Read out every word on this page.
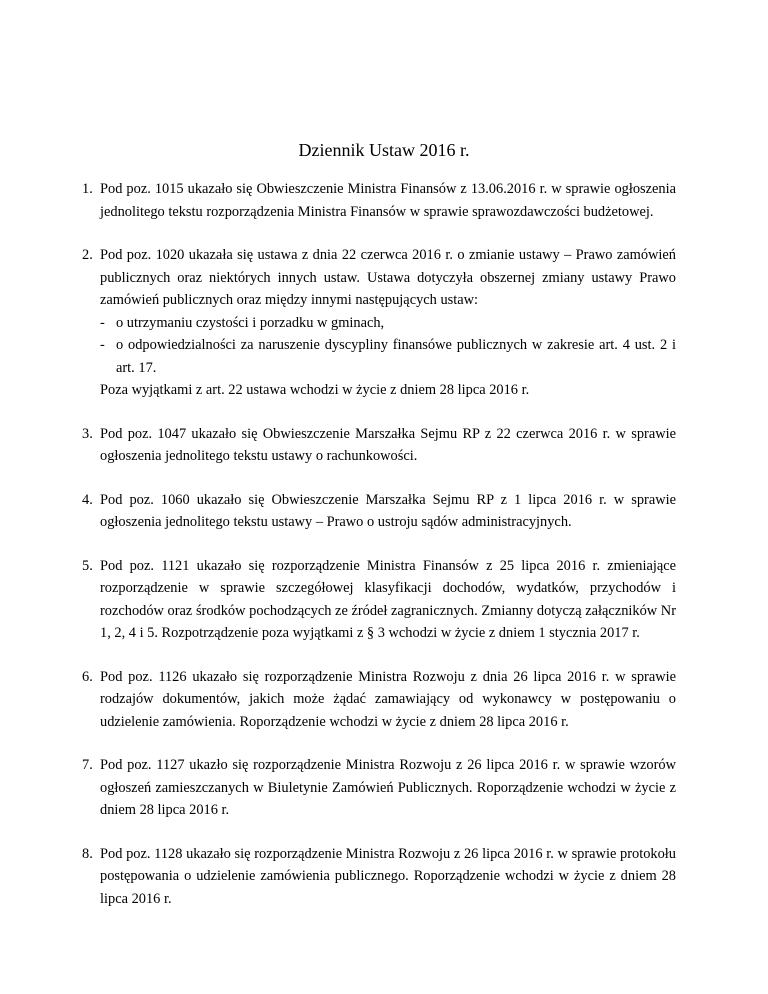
Dziennik Ustaw 2016 r.
1. Pod poz. 1015 ukazało się Obwieszczenie Ministra Finansów z 13.06.2016 r. w sprawie ogłoszenia jednolitego tekstu rozporządzenia Ministra Finansów w sprawie sprawozdawczości budżetowej.
2. Pod poz. 1020 ukazała się ustawa z dnia 22 czerwca 2016 r. o zmianie ustawy – Prawo zamówień publicznych oraz niektórych innych ustaw. Ustawa dotyczyła obszernej zmiany ustawy Prawo zamówień publicznych oraz między innymi następujących ustaw:
- o utrzymaniu czystości i porzadku w gminach,
- o odpowiedzialności za naruszenie dyscypliny finansówe publicznych w zakresie art. 4 ust. 2 i art. 17.
Poza wyjątkami z art. 22 ustawa wchodzi w życie z dniem 28 lipca 2016 r.
3. Pod poz. 1047 ukazało się Obwieszczenie Marszałka Sejmu RP z 22 czerwca 2016 r. w sprawie ogłoszenia jednolitego tekstu ustawy o rachunkowości.
4. Pod poz. 1060 ukazało się Obwieszczenie Marszałka Sejmu RP z 1 lipca 2016 r. w sprawie ogłoszenia jednolitego tekstu ustawy – Prawo o ustroju sądów administracyjnych.
5. Pod poz. 1121 ukazało się rozporządzenie Ministra Finansów z 25 lipca 2016 r. zmieniające rozporządzenie w sprawie szczegółowej klasyfikacji dochodów, wydatków, przychodów i rozchodów oraz środków pochodzących ze źródeł zagranicznych. Zmianny dotyczą załączników Nr 1, 2, 4 i 5. Rozpotrządzenie poza wyjątkami z § 3 wchodzi w życie z dniem 1 stycznia 2017 r.
6. Pod poz. 1126 ukazało się rozporządzenie Ministra Rozwoju z dnia 26 lipca 2016 r. w sprawie rodzajów dokumentów, jakich może żądać zamawiający od wykonawcy w postępowaniu o udzielenie zamówienia. Roporządzenie wchodzi w życie z dniem 28 lipca 2016 r.
7. Pod poz. 1127 ukazło się rozporządzenie Ministra Rozwoju z 26 lipca 2016 r. w sprawie wzorów ogłoszeń zamieszczanych w Biuletynie Zamówień Publicznych. Roporządzenie wchodzi w życie z dniem 28 lipca 2016 r.
8. Pod poz. 1128 ukazało się rozporządzenie Ministra Rozwoju z 26 lipca 2016 r. w sprawie protokołu postępowania o udzielenie zamówienia publicznego. Roporządzenie wchodzi w życie z dniem 28 lipca 2016 r.
